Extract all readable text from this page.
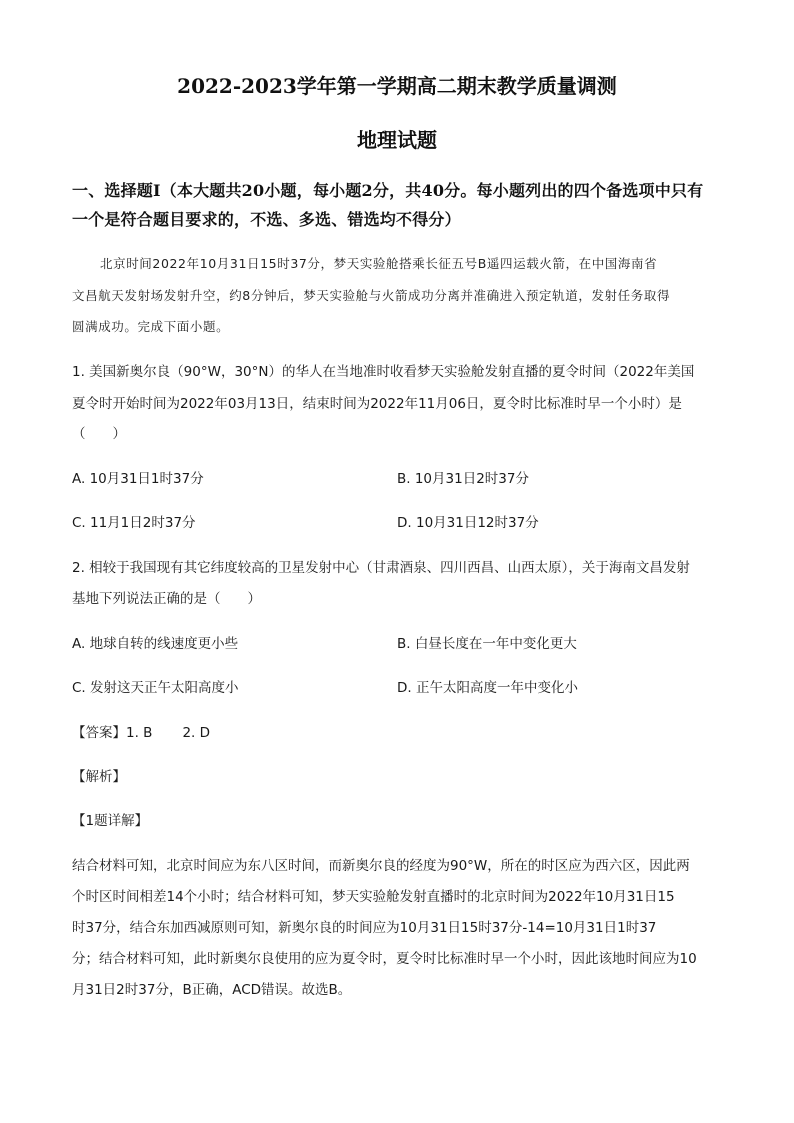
2022-2023学年第一学期高二期末教学质量调测
地理试题

一、选择题Ⅰ（本大题共20小题，每小题2分，共40分。每小题列出的四个备选项中只有

一个是符合题目要求的，不选、多选、错选均不得分）

北京时间2022年10月31日15时37分，梦天实验舱搭乘长征五号B遥四运载火箭，在中国海南省

文昌航天发射场发射升空，约8分钟后，梦天实验舱与火箭成功分离并准确进入预定轨道，发射任务取得

圆满成功。完成下面小题。

1. 美国新奥尔良（90°W，30°N）的华人在当地准时收看梦天实验舱发射直播的夏令时间（2022年美国

夏令时开始时间为2022年03月13日，结束时间为2022年11月06日，夏令时比标准时早一个小时）是

（　　）

A. 10月31日1时37分	B. 10月31日2时37分

C. 11月1日2时37分	D. 10月31日12时37分

2. 相较于我国现有其它纬度较高的卫星发射中心（甘肃酒泉、四川西昌、山西太原），关于海南文昌发射

基地下列说法正确的是（　　）

A. 地球自转的线速度更小些	B. 白昼长度在一年中变化更大

C. 发射这天正午太阳高度小	D. 正午太阳高度一年中变化小

【答案】1. B 2. D

【解析】

【1题详解】

结合材料可知，北京时间应为东八区时间，而新奥尔良的经度为90°W，所在的时区应为西六区，因此两

个时区时间相差14个小时；结合材料可知，梦天实验舱发射直播时的北京时间为2022年10月31日15

时37分，结合东加西减原则可知，新奥尔良的时间应为10月31日15时37分-14=10月31日1时37

分；结合材料可知，此时新奥尔良使用的应为夏令时，夏令时比标准时早一个小时，因此该地时间应为10

月31日2时37分，B正确，ACD错误。故选B。
